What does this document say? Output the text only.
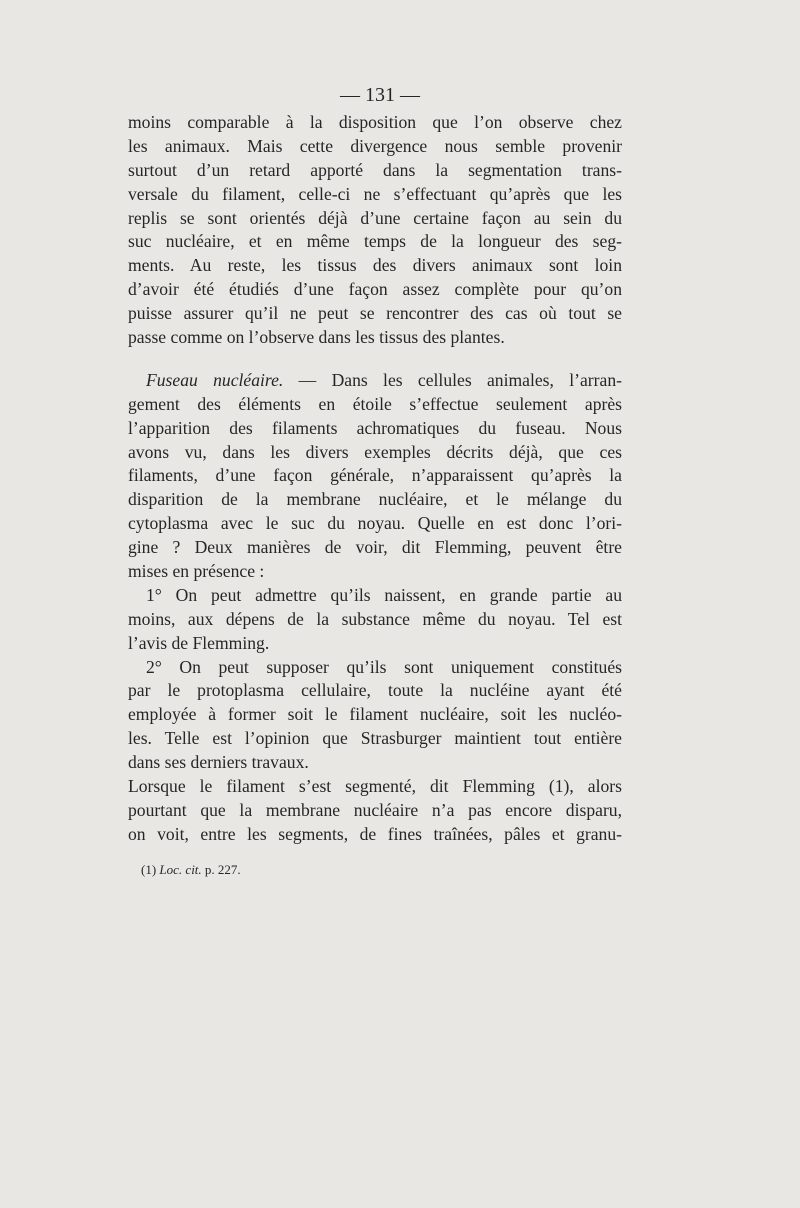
— 131 —
moins comparable à la disposition que l’on observe chez
les animaux. Mais cette divergence nous semble provenir
surtout d’un retard apporté dans la segmentation trans-
versale du filament, celle-ci ne s’effectuant qu’après que les
replis se sont orientés déjà d’une certaine façon au sein du
suc nucléaire, et en même temps de la longueur des seg-
ments. Au reste, les tissus des divers animaux sont loin
d’avoir été étudiés d’une façon assez complète pour qu’on
puisse assurer qu’il ne peut se rencontrer des cas où tout se
passe comme on l’observe dans les tissus des plantes.
Fuseau nucléaire. — Dans les cellules animales, l’arran-
gement des éléments en étoile s’effectue seulement après
l’apparition des filaments achromatiques du fuseau. Nous
avons vu, dans les divers exemples décrits déjà, que ces
filaments, d’une façon générale, n’apparaissent qu’après la
disparition de la membrane nucléaire, et le mélange du
cytoplasma avec le suc du noyau. Quelle en est donc l’ori-
gine ? Deux manières de voir, dit Flemming, peuvent être
mises en présence :
1° On peut admettre qu’ils naissent, en grande partie au
moins, aux dépens de la substance même du noyau. Tel est
l’avis de Flemming.
2° On peut supposer qu’ils sont uniquement constitués
par le protoplasma cellulaire, toute la nucléine ayant été
employée à former soit le filament nucléaire, soit les nucléo-
les. Telle est l’opinion que Strasburger maintient tout entière
dans ses derniers travaux.
Lorsque le filament s’est segmenté, dit Flemming (1), alors
pourtant que la membrane nucléaire n’a pas encore disparu,
on voit, entre les segments, de fines traînées, pâles et granu-
(1) Loc. cit. p. 227.
